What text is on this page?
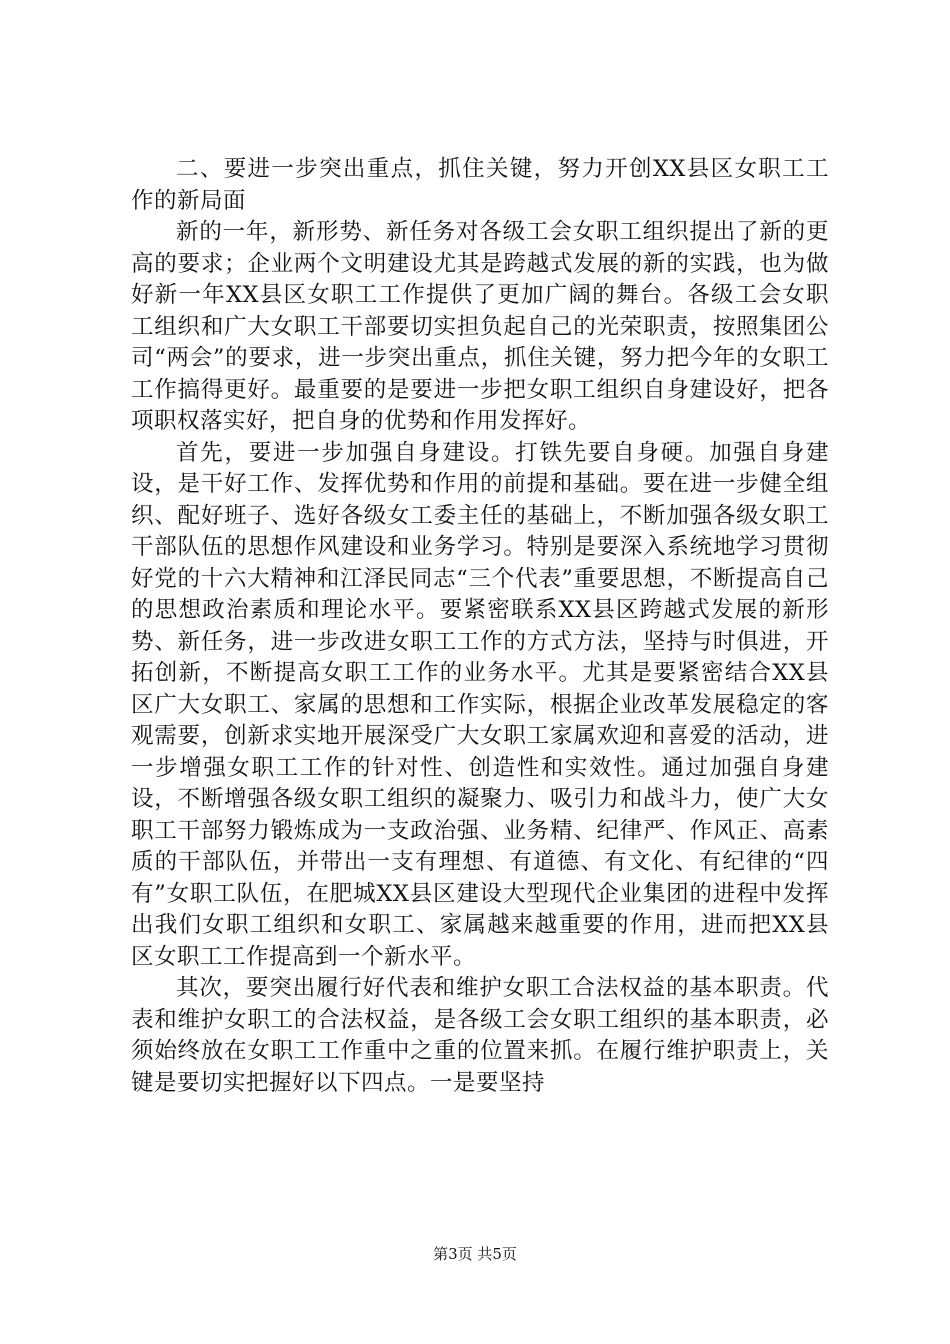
二、要进一步突出重点，抓住关键，努力开创XX县区女职工工作的新局面

新的一年，新形势、新任务对各级工会女职工组织提出了新的更高的要求；企业两个文明建设尤其是跨越式发展的新的实践，也为做好新一年XX县区女职工工作提供了更加广阔的舞台。各级工会女职工组织和广大女职工干部要切实担负起自己的光荣职责，按照集团公司“两会”的要求，进一步突出重点，抓住关键，努力把今年的女职工工作搞得更好。最重要的是要进一步把女职工组织自身建设好，把各项职权落实好，把自身的优势和作用发挥好。

首先，要进一步加强自身建设。打铁先要自身硬。加强自身建设，是干好工作、发挥优势和作用的前提和基础。要在进一步健全组织、配好班子、选好各级女工委主任的基础上，不断加强各级女职工干部队伍的思想作风建设和业务学习。特别是要深入系统地学习贯彻好党的十六大精神和江泽民同志“三个代表”重要思想，不断提高自己的思想政治素质和理论水平。要紧密联系XX县区跨越式发展的新形势、新任务，进一步改进女职工工作的方式方法，坚持与时俱进，开拓创新，不断提高女职工工作的业务水平。尤其是要紧密结合XX县区广大女职工、家属的思想和工作实际，根据企业改革发展稳定的客观需要，创新求实地开展深受广大女职工家属欢迎和喜爱的活动，进一步增强女职工工作的针对性、创造性和实效性。通过加强自身建设，不断增强各级女职工组织的凝聚力、吸引力和战斗力，使广大女职工干部努力锻炼成为一支政治强、业务精、纪律严、作风正、高素质的干部队伍，并带出一支有理想、有道德、有文化、有纪律的“四有”女职工队伍，在肥城XX县区建设大型现代企业集团的进程中发挥出我们女职工组织和女职工、家属越来越重要的作用，进而把XX县区女职工工作提高到一个新水平。

其次，要突出履行好代表和维护女职工合法权益的基本职责。代表和维护女职工的合法权益，是各级工会女职工组织的基本职责，必须始终放在女职工工作重中之重的位置来抓。在履行维护职责上，关键是要切实把握好以下四点。一是要坚持

第3页 共5页
